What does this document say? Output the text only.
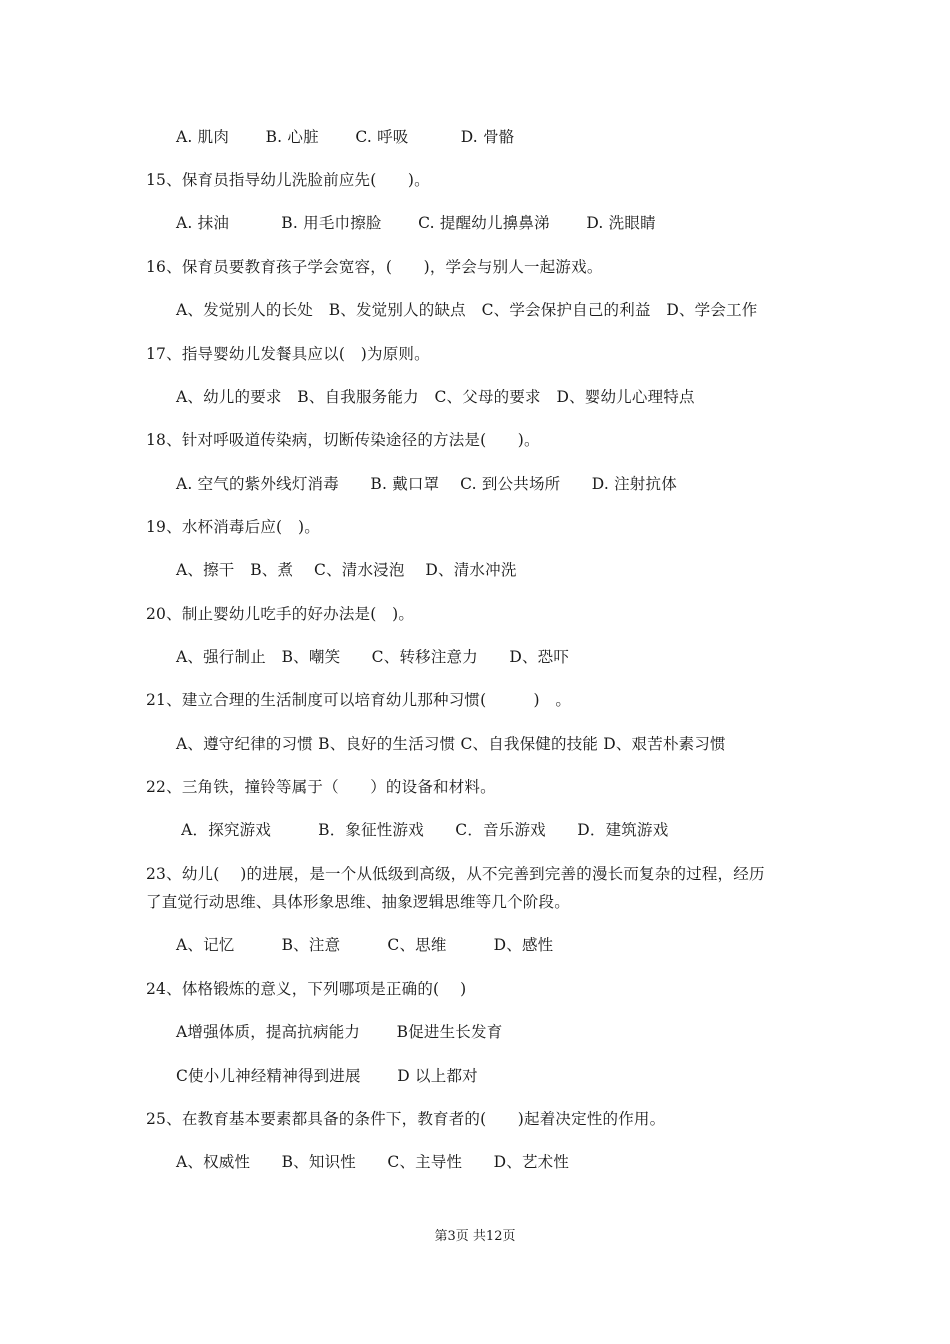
A. 肌肉　　 B. 心脏　　 C. 呼吸　　　 D. 骨骼
15、保育员指导幼儿洗脸前应先(　　)。
A. 抹油　　　 B. 用毛巾擦脸　　 C. 提醒幼儿擤鼻涕　　 D. 洗眼睛
16、保育员要教育孩子学会宽容，(　　)，学会与别人一起游戏。
A、发觉别人的长处　B、发觉别人的缺点　C、学会保护自己的利益　D、学会工作
17、指导婴幼儿发餐具应以(　)为原则。
A、幼儿的要求　B、自我服务能力　C、父母的要求　D、婴幼儿心理特点
18、针对呼吸道传染病，切断传染途径的方法是(　　)。
A. 空气的紫外线灯消毒　　B. 戴口罩　 C. 到公共场所　　D. 注射抗体
19、水杯消毒后应(　)。
A、擦干　B、煮　 C、清水浸泡　 D、清水冲洗
20、制止婴幼儿吃手的好办法是(　)。
A、强行制止　B、嘲笑　　C、转移注意力　　D、恐吓
21、建立合理的生活制度可以培育幼儿那种习惯(　　　)　。
A、遵守纪律的习惯 B、良好的生活习惯 C、自我保健的技能 D、艰苦朴素习惯
22、三角铁，撞铃等属于（　　）的设备和材料。
A．探究游戏　　　B．象征性游戏　　C．音乐游戏　　D．建筑游戏
23、幼儿(　 )的进展，是一个从低级到高级，从不完善到完善的漫长而复杂的过程，经历
了直觉行动思维、具体形象思维、抽象逻辑思维等几个阶段。
A、记忆　　　B、注意　　　C、思维　　　D、感性
24、体格锻炼的意义，下列哪项是正确的(　 )
A增强体质，提高抗病能力　　 B促进生长发育
C使小儿神经精神得到进展　　 D 以上都对
25、在教育基本要素都具备的条件下，教育者的(　　)起着决定性的作用。
A、权威性　　B、知识性　　C、主导性　　D、艺术性
第3页 共12页
